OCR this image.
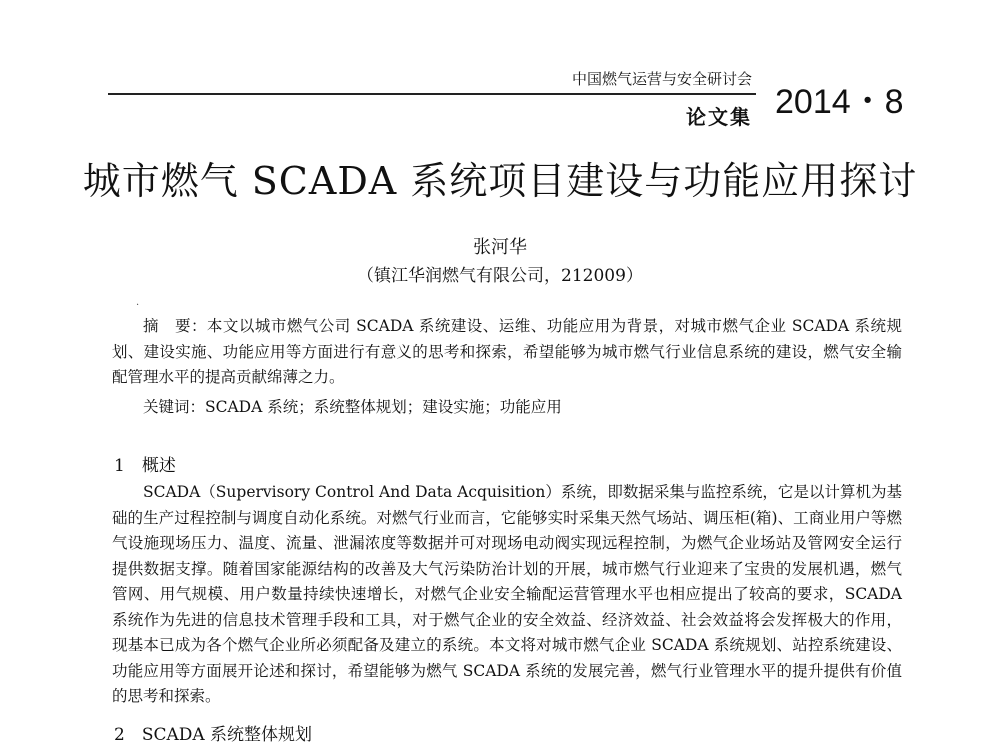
中国燃气运营与安全研讨会
论文集 2014・8
城市燃气 SCADA 系统项目建设与功能应用探讨
张河华
（镇江华润燃气有限公司，212009）
·

摘　要：本文以城市燃气公司 SCADA 系统建设、运维、功能应用为背景，对城市燃气企业 SCADA 系统规划、建设实施、功能应用等方面进行有意义的思考和探索，希望能够为城市燃气行业信息系统的建设，燃气安全输配管理水平的提高贡献绵薄之力。

关键词：SCADA 系统；系统整体规划；建设实施；功能应用

1　概述

SCADA（Supervisory Control And Data Acquisition）系统，即数据采集与监控系统，它是以计算机为基础的生产过程控制与调度自动化系统。对燃气行业而言，它能够实时采集天然气场站、调压柜(箱)、工商业用户等燃气设施现场压力、温度、流量、泄漏浓度等数据并可对现场电动阀实现远程控制，为燃气企业场站及管网安全运行提供数据支撑。随着国家能源结构的改善及大气污染防治计划的开展，城市燃气行业迎来了宝贵的发展机遇，燃气管网、用气规模、用户数量持续快速增长，对燃气企业安全输配运营管理水平也相应提出了较高的要求，SCADA 系统作为先进的信息技术管理手段和工具，对于燃气企业的安全效益、经济效益、社会效益将会发挥极大的作用，现基本已成为各个燃气企业所必须配备及建立的系统。本文将对城市燃气企业 SCADA 系统规划、站控系统建设、功能应用等方面展开论述和探讨，希望能够为燃气 SCADA 系统的发展完善，燃气行业管理水平的提升提供有价值的思考和探索。

2　SCADA 系统整体规划
